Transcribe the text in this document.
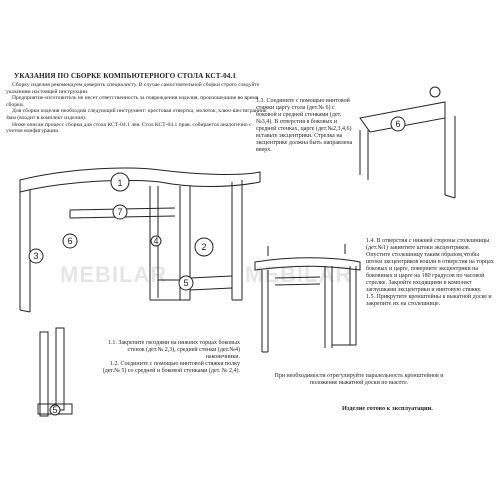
УКАЗАНИЯ ПО СБОРКЕ КОМПЬЮТЕРНОГО СТОЛА КСТ-04.1

Сборку изделия рекомендуем доверить специалисту. В случае самостоятельной сборки строго следуйте указаниям настоящей инструкции.

Предприятие-изготовитель не несет ответственность за повреждения изделия, произошедшие во время сборки.

Для сборки изделия необходим следующий инструмент: крестовая отвертка, молоток, ключ-шестигранник 4мм (входит в комплект изделия).

Ниже описан процесс сборки для стола КСТ-04.1 лев. Стол КСТ-04.1 прав. собирается аналогично с учетом конфигурации.

MEBILAR	MEBILAR
1
7
6
3
4
2
5
6
5
1.3. Соедините с помощью винтовой стяжки царгу стола (дет.№ 6) с боковой и средней стенками (дет.№3,4). В отверстия в боковых и средней стенках, царге (дет.№2,3,4,6) вставьте эксцентрики. Стрелка на эксцентрике должна быть направлена вверх.
1.4. В отверстия с нижней стороны столешницы (дет.№1) завинтите штоки эксцентриков. Опустите столешницу таким образом,чтобы штоки эксцентриков вошли в отверстия на торцах боковых и царге, поверните эксцентрики на боковинах и царге на 180 градусов по часовой стрелке. Закройте входящими в комплект заглушками эксцентрики и винтовую стяжку.
1.5. Прикрутите кронштейны к выкатной доске и закрепите их на столешнице.
1.1. Закрепите гвоздями на нижних торцах боковых стенок (дет.№ 2,3), средней стенки (дет.№4) наконечники.
1.2. Соедините с помощью винтовой стяжки полку (дет.№ 5) со средней и боковой стенками (дет. № 2,4).
При необходимости отрегулируйте паралельность кронштейнов и положение выкатной доски по высоте.
Изделие готово к эксплуатации.
